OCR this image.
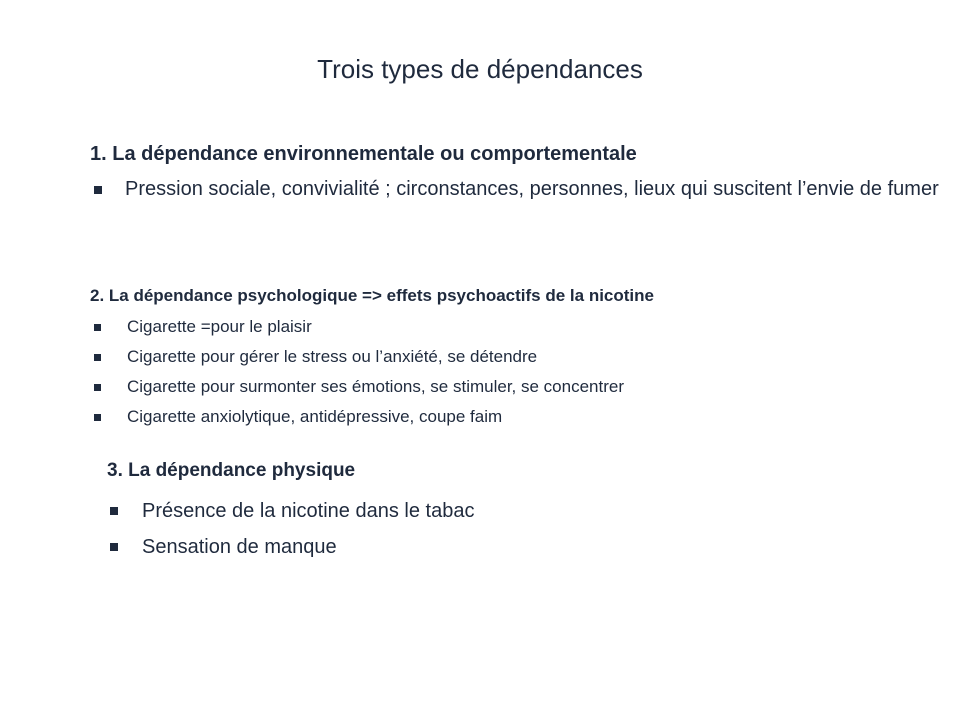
Trois types de dépendances
1. La dépendance environnementale ou comportementale
Pression sociale, convivialité ; circonstances, personnes, lieux qui suscitent l’envie de fumer
2. La dépendance psychologique => effets psychoactifs de la nicotine
Cigarette =pour le plaisir
Cigarette pour gérer le stress ou l’anxiété, se détendre
Cigarette pour surmonter ses émotions, se stimuler, se concentrer
Cigarette anxiolytique, antidépressive, coupe faim
3. La dépendance physique
Présence de la nicotine dans le tabac
Sensation de manque
